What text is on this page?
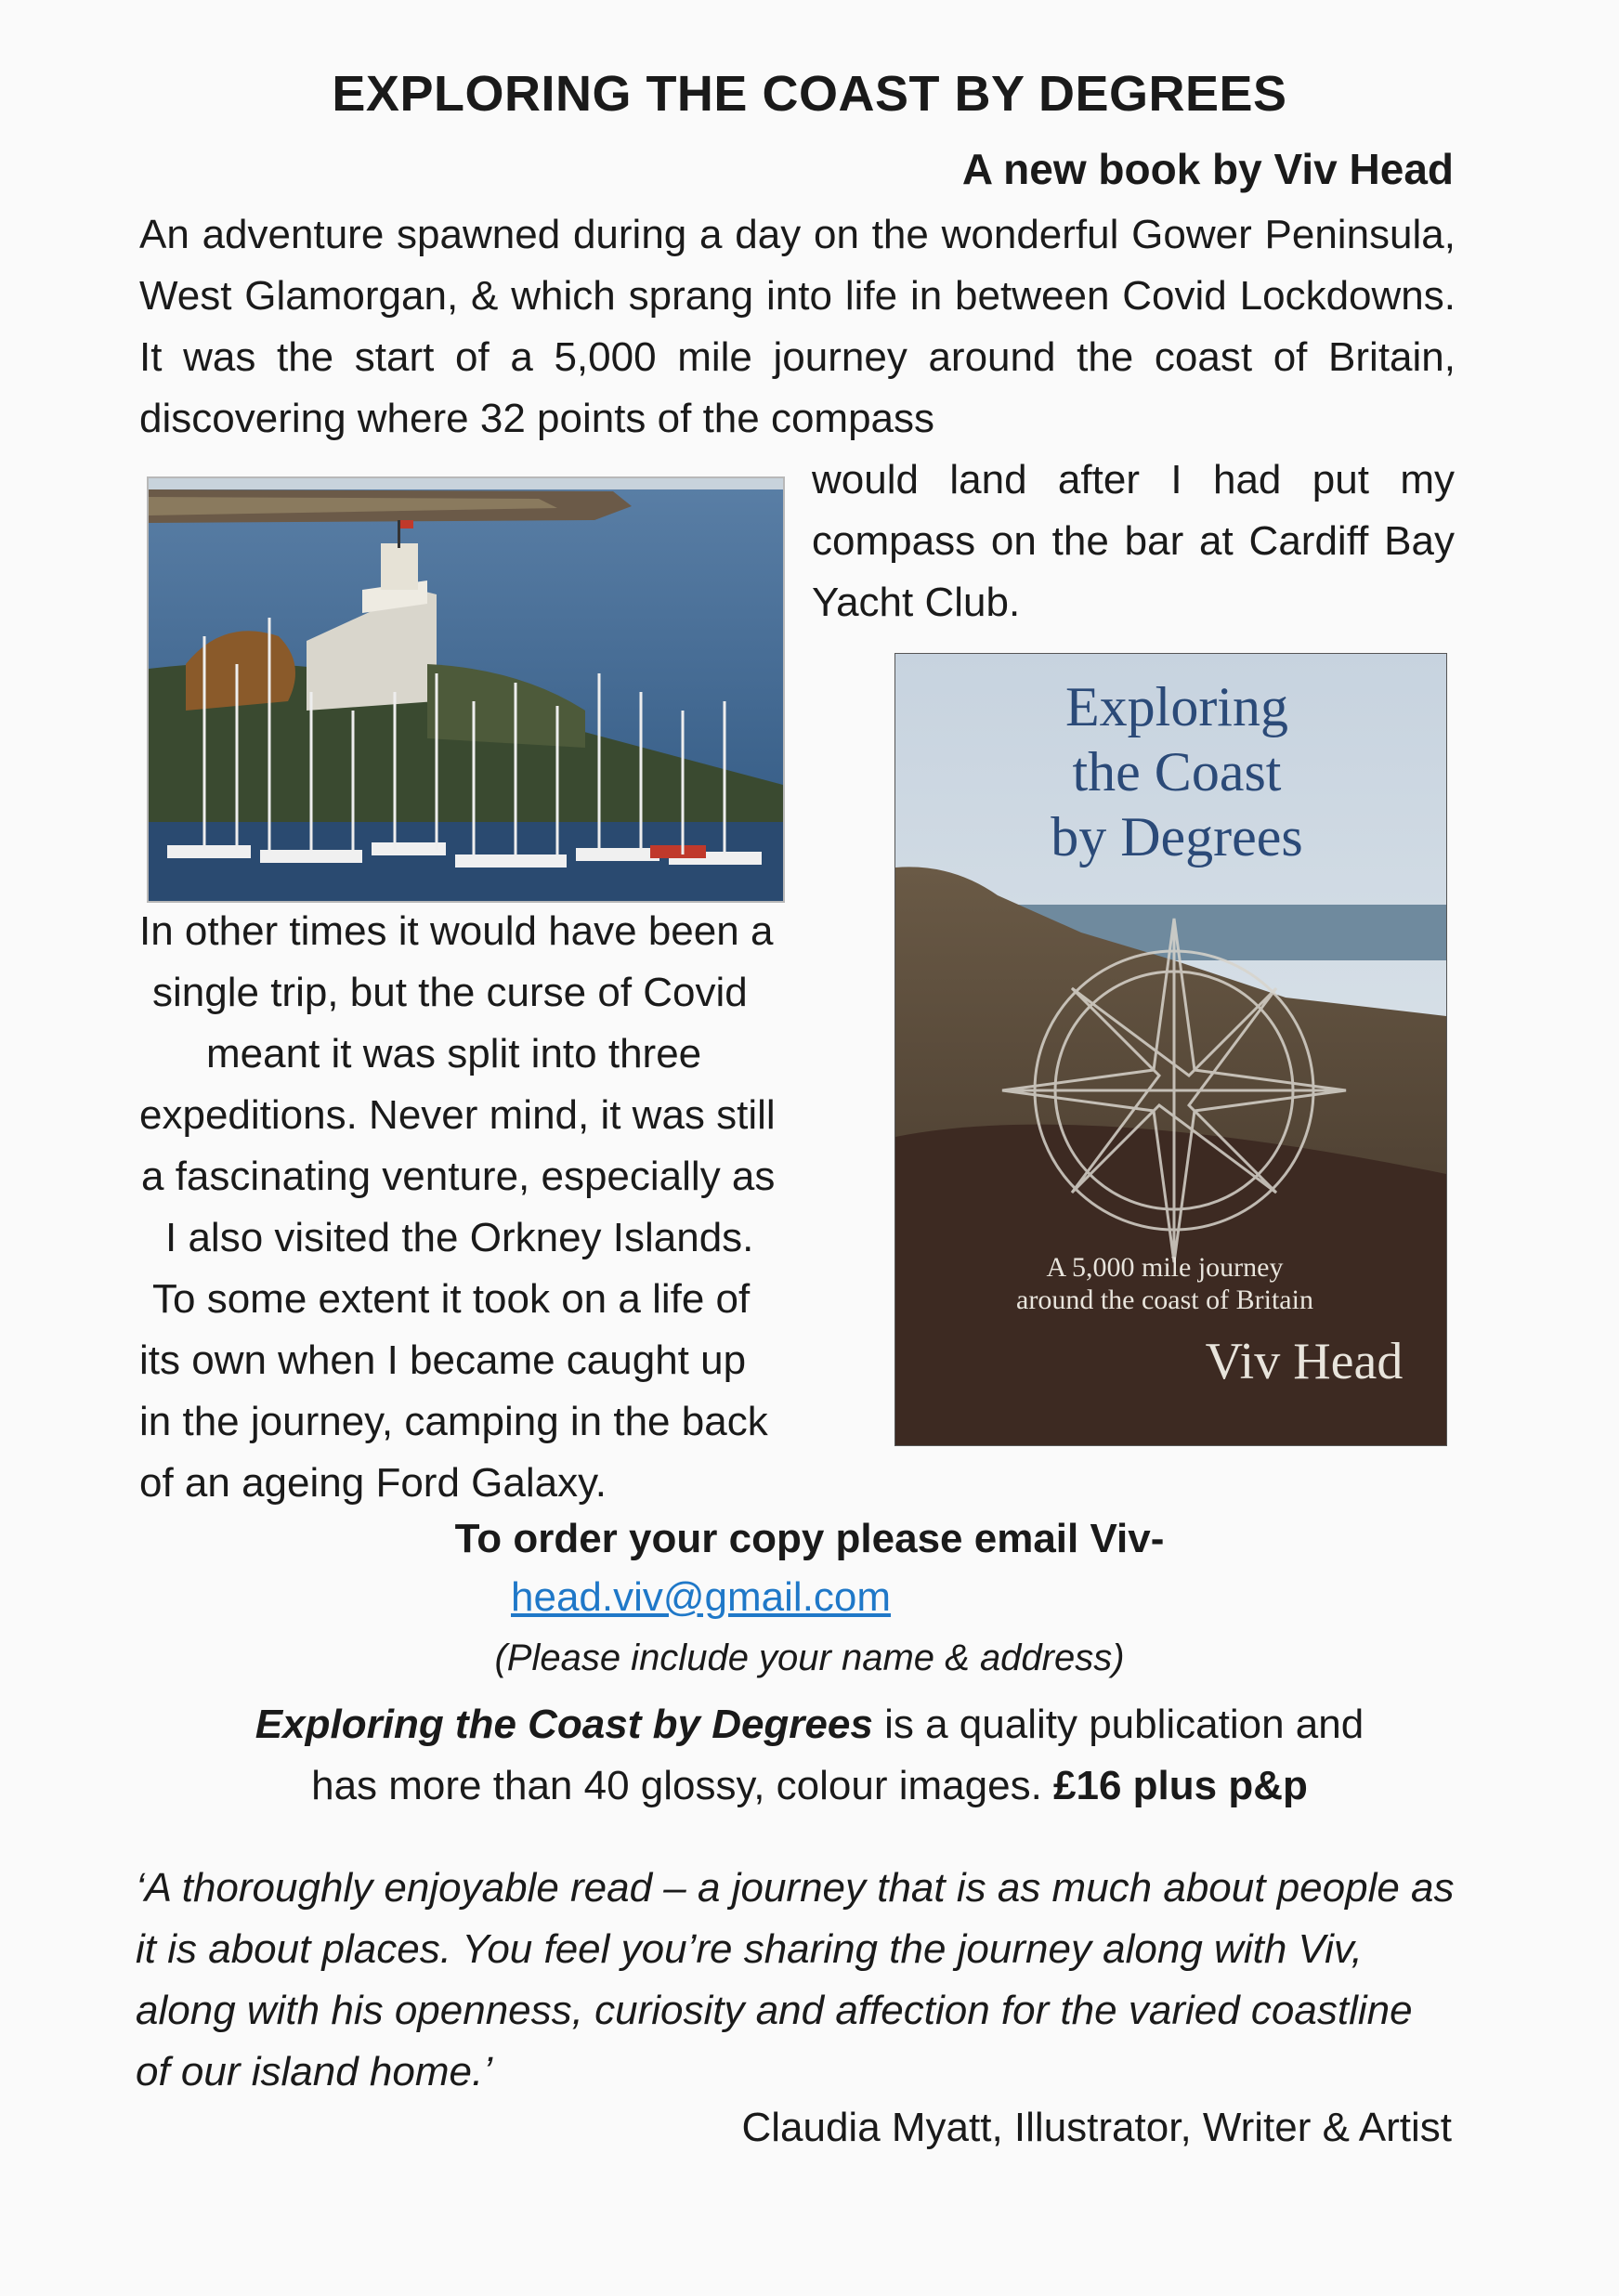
EXPLORING THE COAST BY DEGREES
A new book by Viv Head
An adventure spawned during a day on the wonderful Gower Peninsula, West Glamorgan, & which sprang into life in between Covid Lockdowns. It was the start of a 5,000 mile journey around the coast of Britain, discovering where 32 points of the compass
would land after I had put my compass on the bar at Cardiff Bay Yacht Club.
Exploring
the Coast
by Degrees
A 5,000 mile journey
around the coast of Britain
Viv Head
In other times it would have been a
single trip, but the curse of Covid
meant it was split into three
expeditions. Never mind, it was still
a fascinating venture, especially as
I also visited the Orkney Islands.
To some extent it took on a life of
its own when I became caught up
in the journey, camping in the back
of an ageing Ford Galaxy.
To order your copy please email Viv-
head.viv@gmail.com
(Please include your name & address)
Exploring the Coast by Degrees is a quality publication and
has more than 40 glossy, colour images. £16 plus p&p
‘A thoroughly enjoyable read – a journey that is as much about people as it is about places. You feel you’re sharing the journey along with Viv, along with his openness, curiosity and affection for the varied coastline of our island home.’
Claudia Myatt, Illustrator, Writer & Artist
